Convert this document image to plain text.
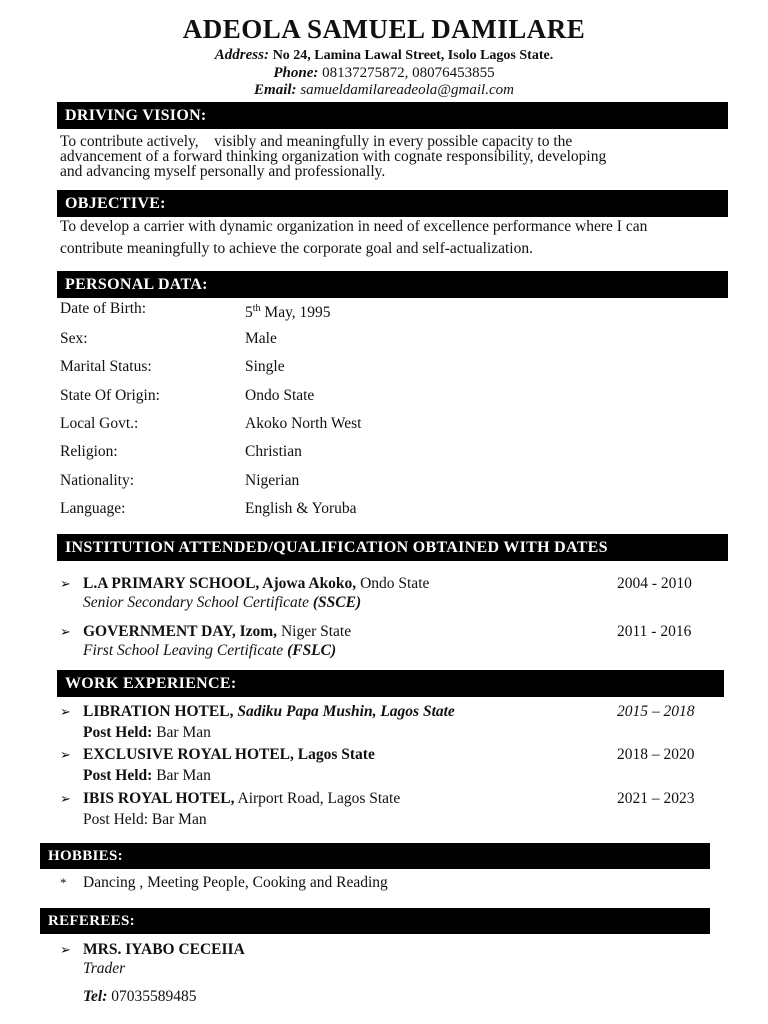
ADEOLA SAMUEL DAMILARE
Address: No 24, Lamina Lawal Street, Isolo Lagos State.
Phone: 08137275872, 08076453855
Email: samueldamilareadeola@gmail.com
DRIVING VISION:
To contribute actively,    visibly and meaningfully in every possible capacity to the
advancement of a forward thinking organization with cognate responsibility, developing
and advancing myself personally and professionally.
OBJECTIVE:
To develop a carrier with dynamic organization in need of excellence performance where I can
contribute meaningfully to achieve the corporate goal and self-actualization.
PERSONAL DATA:
Date of Birth:	5th May, 1995
Sex:	Male
Marital Status:	Single
State Of Origin:	Ondo State
Local Govt.:	Akoko North West
Religion:	Christian
Nationality:	Nigerian
Language:	English & Yoruba
INSTITUTION ATTENDED/QUALIFICATION OBTAINED WITH DATES
➢ L.A PRIMARY SCHOOL, Ajowa Akoko, Ondo State	2004 - 2010
Senior Secondary School Certificate (SSCE)
➢ GOVERNMENT DAY, Izom, Niger State	2011 - 2016
First School Leaving Certificate (FSLC)
WORK EXPERIENCE:
➢ LIBRATION HOTEL, Sadiku Papa Mushin, Lagos State	2015 – 2018
Post Held: Bar Man
➢ EXCLUSIVE ROYAL HOTEL, Lagos State	2018 – 2020
Post Held: Bar Man
➢ IBIS ROYAL HOTEL, Airport Road, Lagos State	2021 – 2023
Post Held: Bar Man
HOBBIES:
* Dancing , Meeting People, Cooking and Reading
REFEREES:
➢ MRS. IYABO CECEIIA
Trader
Tel: 07035589485
